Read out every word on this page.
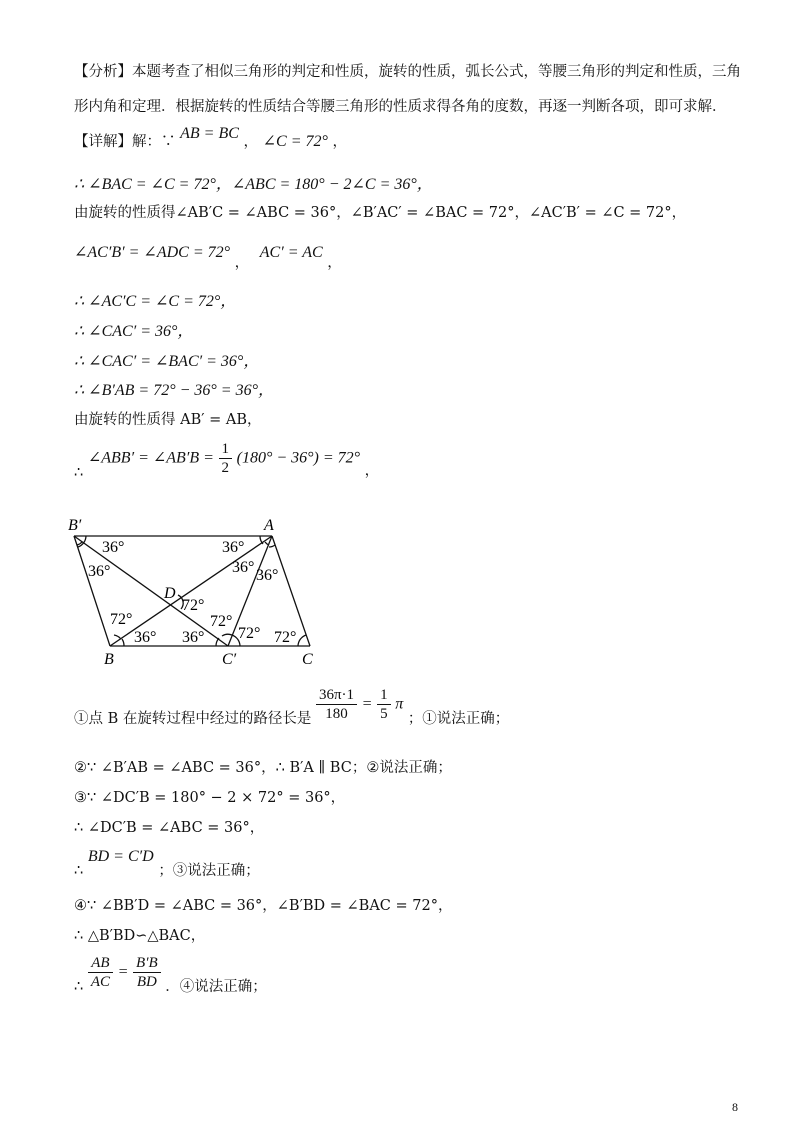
【分析】本题考查了相似三角形的判定和性质，旋转的性质，弧长公式，等腰三角形的判定和性质，三角
形内角和定理．根据旋转的性质结合等腰三角形的性质求得各角的度数，再逐一判断各项，即可求解．
【详解】解：∵ AB = BC ， ∠C = 72° ，
∴ ∠BAC = ∠C = 72°，∠ABC = 180° − 2∠C = 36°，
由旋转的性质得∠AB′C = ∠ABC = 36°，∠B′AC′ = ∠BAC = 72°，∠AC′B′ = ∠C = 72°，
∠AC′B′ = ∠ADC = 72° ， AC′ = AC ，
∴ ∠AC′C = ∠C = 72°，
∴ ∠CAC′ = 36°，
∴ ∠CAC′ = ∠BAC′ = 36°，
∴ ∠B′AB = 72° − 36° = 36°，
由旋转的性质得 AB′ = AB，
∴ ∠ABB′ = ∠AB′B = $\frac{1}{2} (180^\circ - 36^\circ) = 72^\circ$ ，
B′	A
D
B	C′	C
36°	36°
36°	36° 36°
72°
72°
36° 36°
72°
72° 72°
①点 B 在旋转过程中经过的路径长是 $\frac{36\pi\cdot 1}{180} = \frac{1}{5}$ π ；①说法正确；
②∵ ∠B′AB = ∠ABC = 36°，∴ B′A ∥ BC；②说法正确；
③∵ ∠DC′B = 180° − 2 × 72° = 36°，
∴ ∠DC′B = ∠ABC = 36°，
∴ BD = C′D ；③说法正确；
④∵ ∠BB′D = ∠ABC = 36°，∠B′BD = ∠BAC = 72°，
∴ △B′BD∽△BAC，
∴ $\frac{AB}{AC} = \frac{B'B}{BD}$ ．④说法正确；
8
